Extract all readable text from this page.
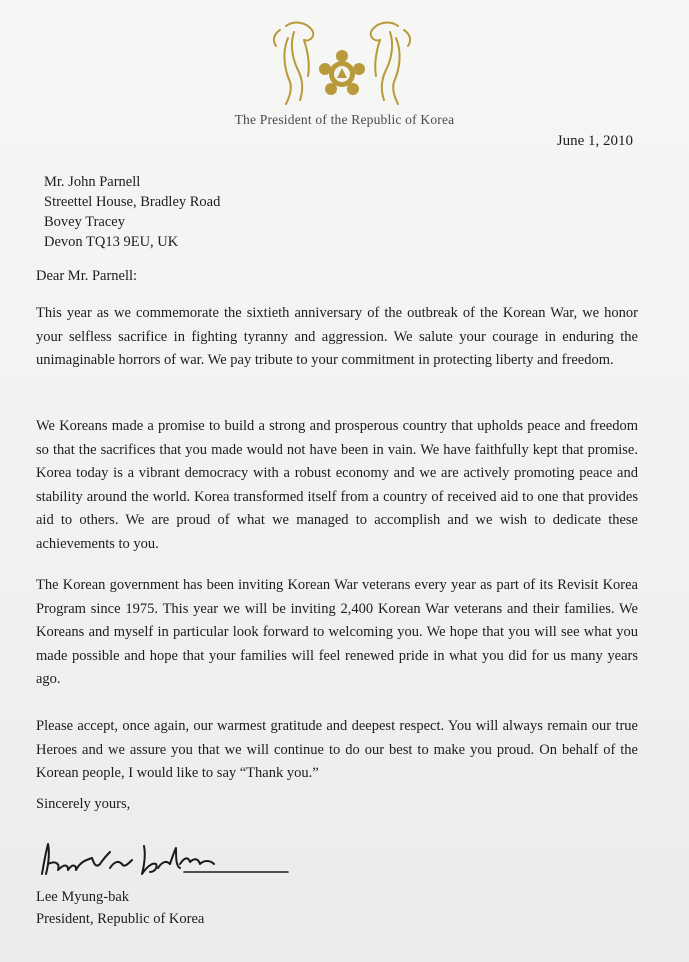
The President of the Republic of Korea
June 1, 2010
Mr. John Parnell
Streettel House, Bradley Road
Bovey Tracey
Devon TQ13 9EU, UK
Dear Mr. Parnell:
This year as we commemorate the sixtieth anniversary of the outbreak of the Korean War, we honor your selfless sacrifice in fighting tyranny and aggression. We salute your courage in enduring the unimaginable horrors of war. We pay tribute to your commitment in protecting liberty and freedom.
We Koreans made a promise to build a strong and prosperous country that upholds peace and freedom so that the sacrifices that you made would not have been in vain. We have faithfully kept that promise. Korea today is a vibrant democracy with a robust economy and we are actively promoting peace and stability around the world. Korea transformed itself from a country of received aid to one that provides aid to others. We are proud of what we managed to accomplish and we wish to dedicate these achievements to you.
The Korean government has been inviting Korean War veterans every year as part of its Revisit Korea Program since 1975. This year we will be inviting 2,400 Korean War veterans and their families. We Koreans and myself in particular look forward to welcoming you. We hope that you will see what you made possible and hope that your families will feel renewed pride in what you did for us many years ago.
Please accept, once again, our warmest gratitude and deepest respect. You will always remain our true Heroes and we assure you that we will continue to do our best to make you proud. On behalf of the Korean people, I would like to say “Thank you.”
Sincerely yours,
Lee Myung-bak
President, Republic of Korea
